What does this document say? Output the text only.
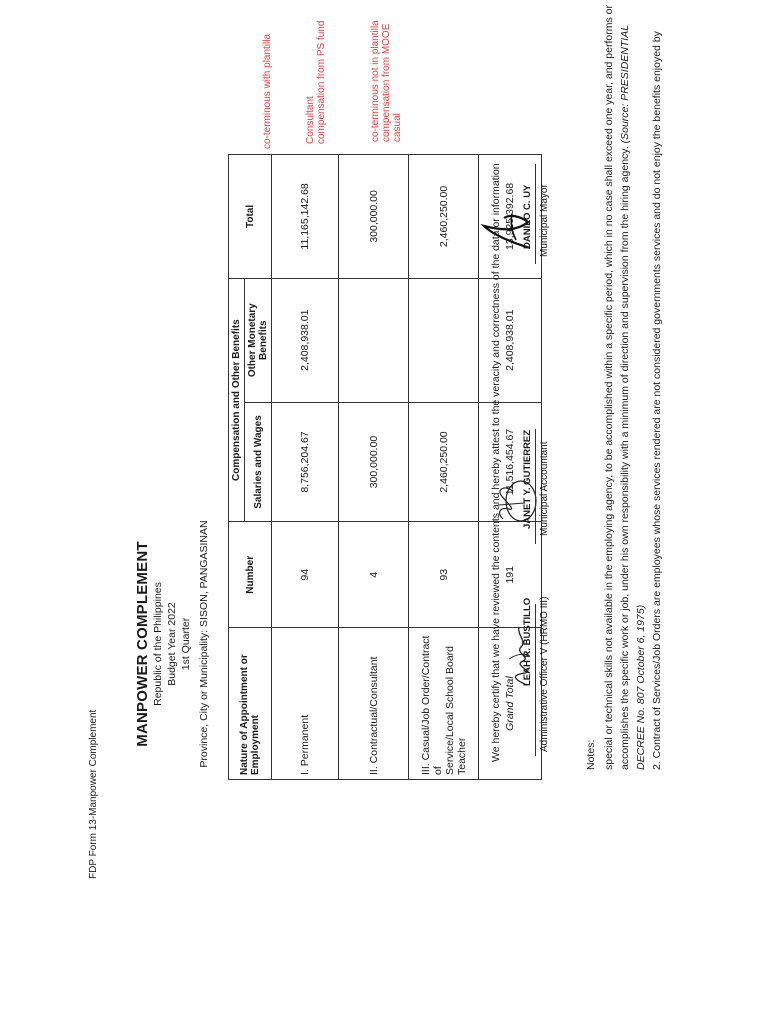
FDP Form 13-Manpower Complement
MANPOWER COMPLEMENT Republic of the Philippines Budget Year 2022 1st Quarter Province, City or Municipality: SISON, PANGASINAN	Nature of Appointment or Employment	Number	Compensation and Other Benefits		Total
		Salaries and Wages	Other Monetary Benefits	
I. Permanent	94	8,756,204.67	2,408,938.01	11,165,142.68
II. Contractual/Consultant	4	300,000.00		300,000.00

III. Casual/Job Order/Contract of Service/Local School Board Teacher	93	2,460,250.00		2,460,250.00
Grand Total	191	11,516,454.67	2,408,938.01	13,925,392.68
co-terminous with plantilla	Consultant compensation from PS fund	co-terminous not in plantilla compensation from MOOE casual
We hereby certify that we have reviewed the contents and hereby attest to the veracity and correctness of the data or information LEAH R. BUSTILLO Administrative Officer V (HRMO III)
JANET Y. GUTIERREZ Municipal Accountant
DANILO C. UY Municipal Mayor
Notes: special or technical skills not available in the employing agency, to be accomplished within a specific period, which in no case shall exceed one year, and performs or accomplishes the specific work or job, under his own responsibility with a minimum of direction and supervision from the hiring agency. (Source: PRESIDENTIAL
DECREE No. 807 October 6, 1975) 2. Contract of Services/Job Orders are employees whose services rendered are not considered governments services and do not enjoy the benefits enjoyed by
